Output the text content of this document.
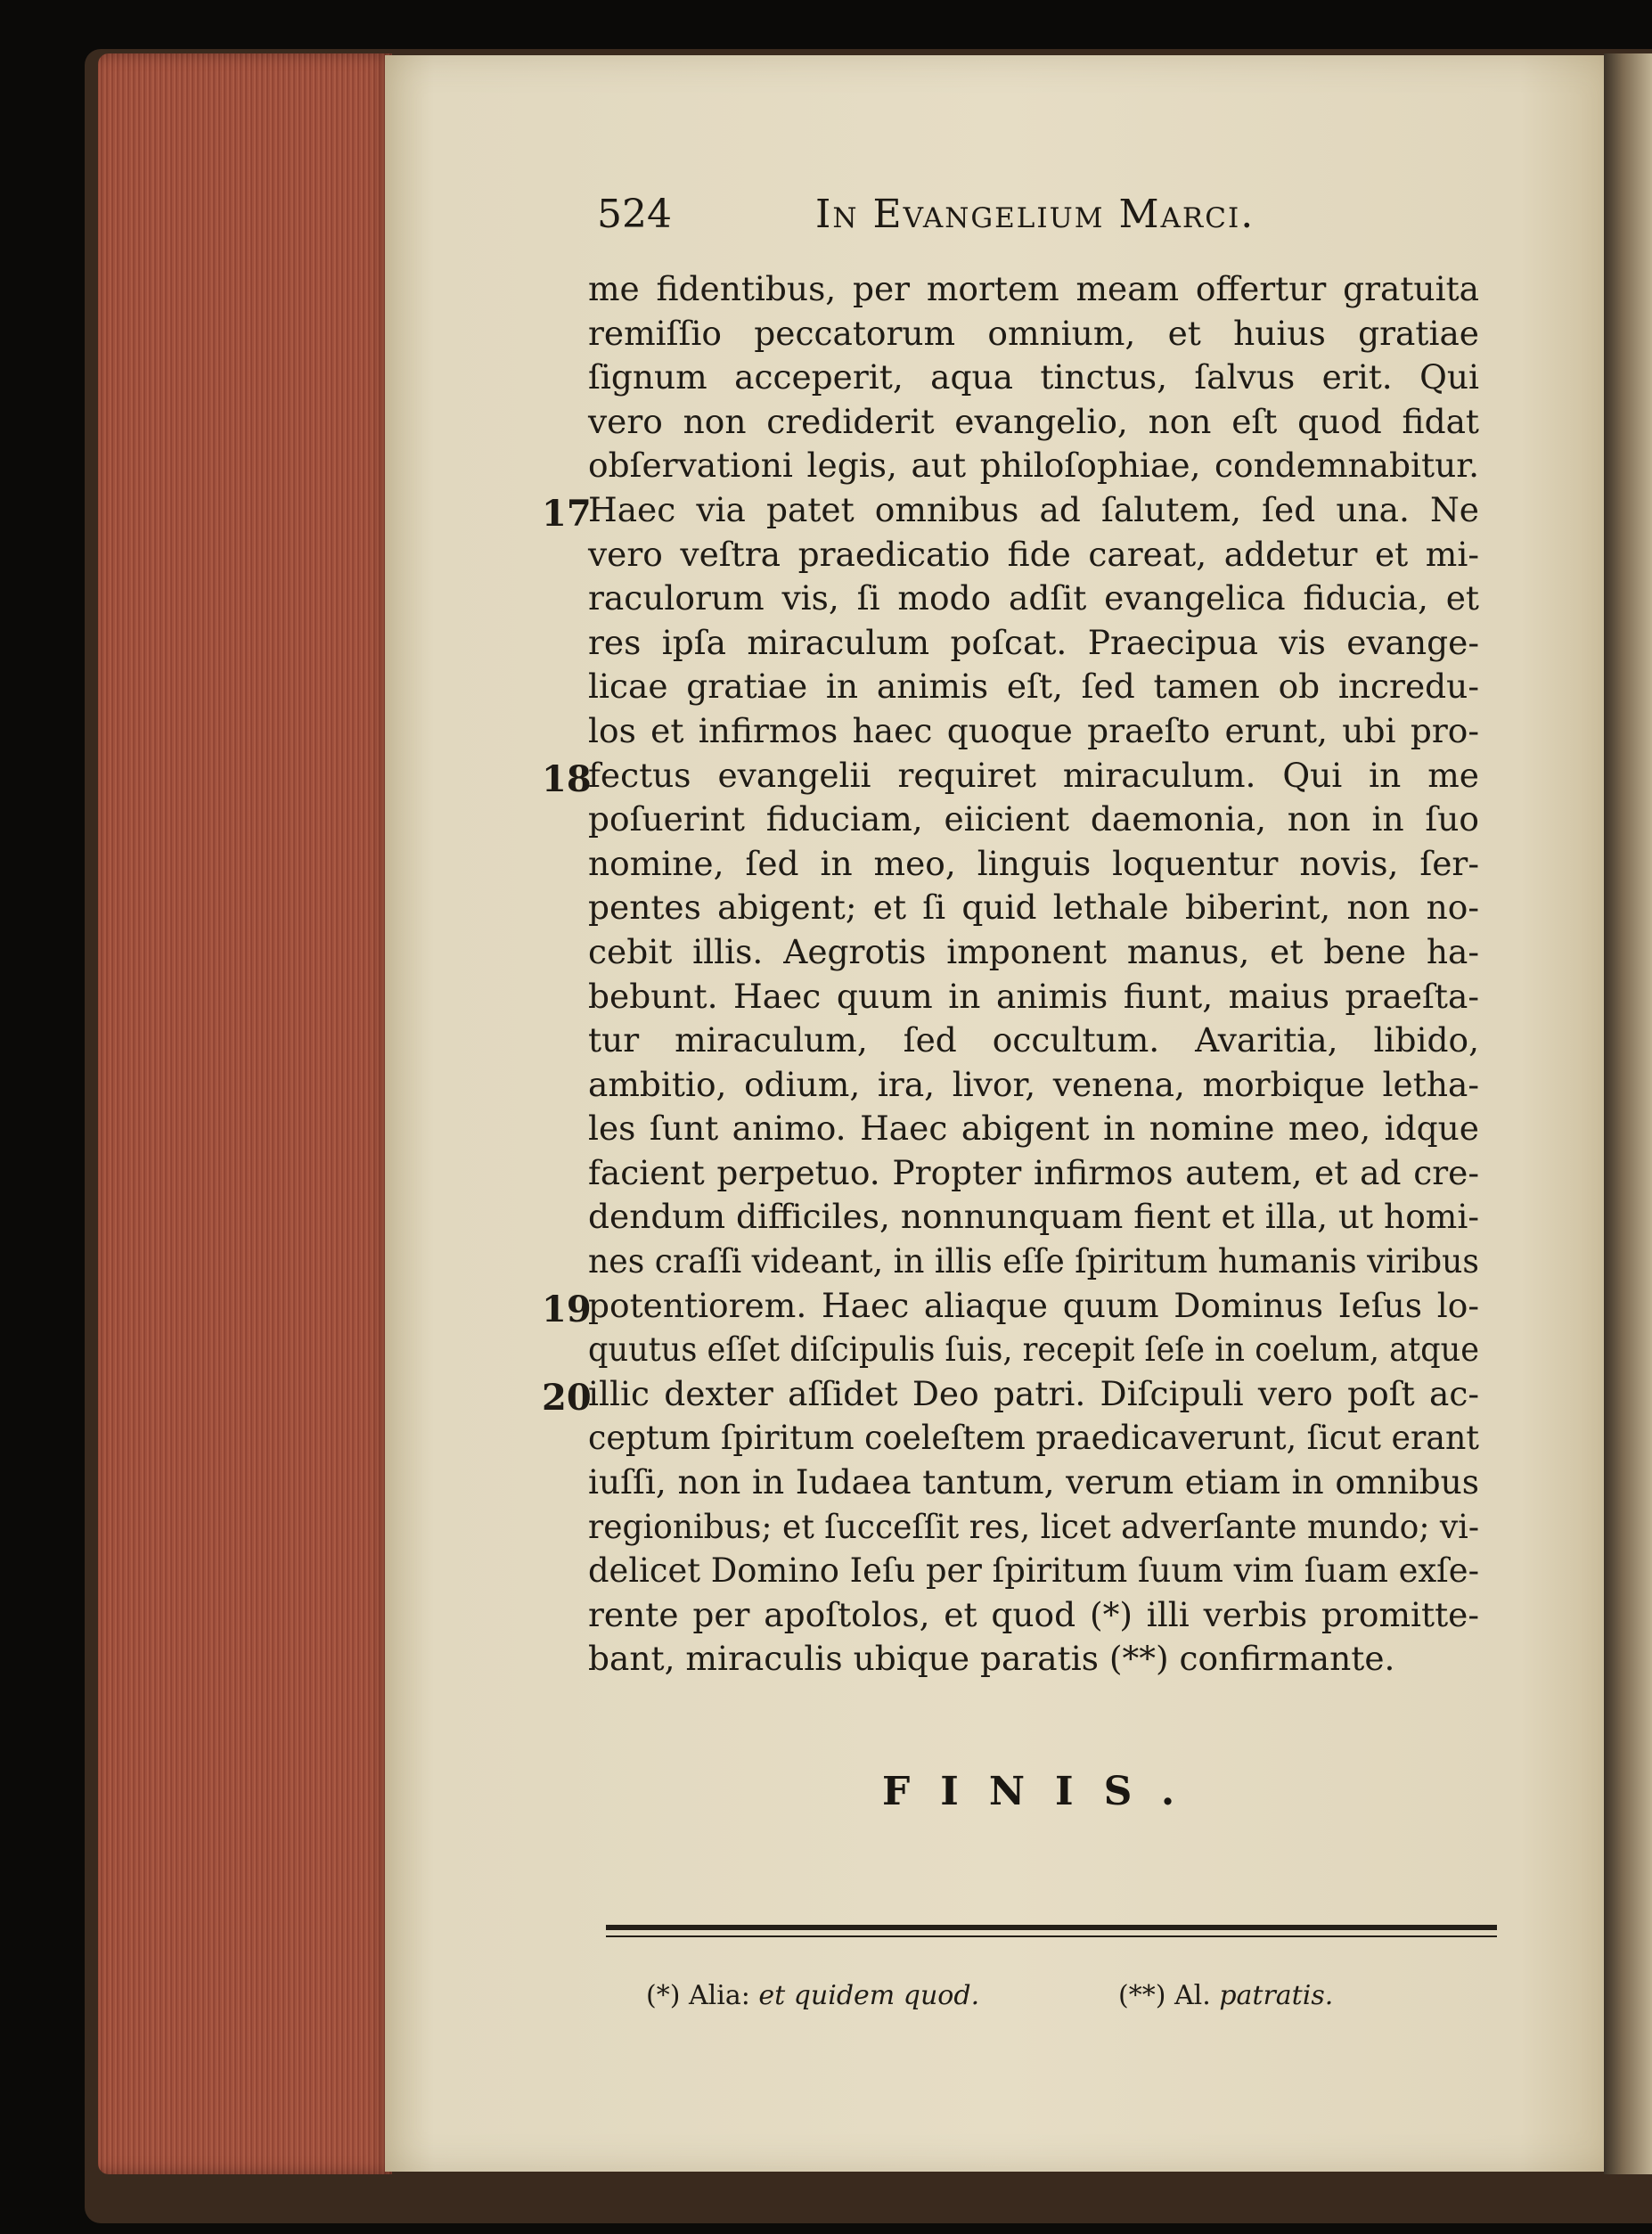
524	In Evangelium Marci.
me fidentibus, per mortem meam offertur gratuita
remiſſio peccatorum omnium, et huius gratiae
ſignum acceperit, aqua tinctus, ſalvus erit. Qui
vero non crediderit evangelio, non eſt quod fidat
obſervationi legis, aut philoſophiae, condemnabitur.
17
Haec via patet omnibus ad ſalutem, ſed una. Ne
vero veſtra praedicatio fide careat, addetur et mi-
raculorum vis, ſi modo adſit evangelica fiducia, et
res ipſa miraculum poſcat. Praecipua vis evange-
licae gratiae in animis eſt, ſed tamen ob incredu-
los et infirmos haec quoque praeſto erunt, ubi pro-
18
fectus evangelii requiret miraculum. Qui in me
poſuerint fiduciam, eiicient daemonia, non in ſuo
nomine, ſed in meo, linguis loquentur novis, ſer-
pentes abigent; et ſi quid lethale biberint, non no-
cebit illis. Aegrotis imponent manus, et bene ha-
bebunt. Haec quum in animis fiunt, maius praeſta-
tur miraculum, ſed occultum. Avaritia, libido,
ambitio, odium, ira, livor, venena, morbique letha-
les ſunt animo. Haec abigent in nomine meo, idque
facient perpetuo. Propter infirmos autem, et ad cre-
dendum difficiles, nonnunquam fient et illa, ut homi-
nes craſſi videant, in illis eſſe ſpiritum humanis viribus
19
potentiorem. Haec aliaque quum Dominus Ieſus lo-
quutus eſſet diſcipulis ſuis, recepit ſeſe in coelum, atque
20
illic dexter aſſidet Deo patri. Diſcipuli vero poſt ac-
ceptum ſpiritum coeleſtem praedicaverunt, ſicut erant
iuſſi, non in Iudaea tantum, verum etiam in omnibus
regionibus; et ſucceſſit res, licet adverſante mundo; vi-
delicet Domino Ieſu per ſpiritum ſuum vim ſuam exſe-
rente per apoſtolos, et quod (*) illi verbis promitte-
bant, miraculis ubique paratis (**) confirmante.
FINIS.
(*) Alia: et quidem quod.	(**) Al. patratis.
